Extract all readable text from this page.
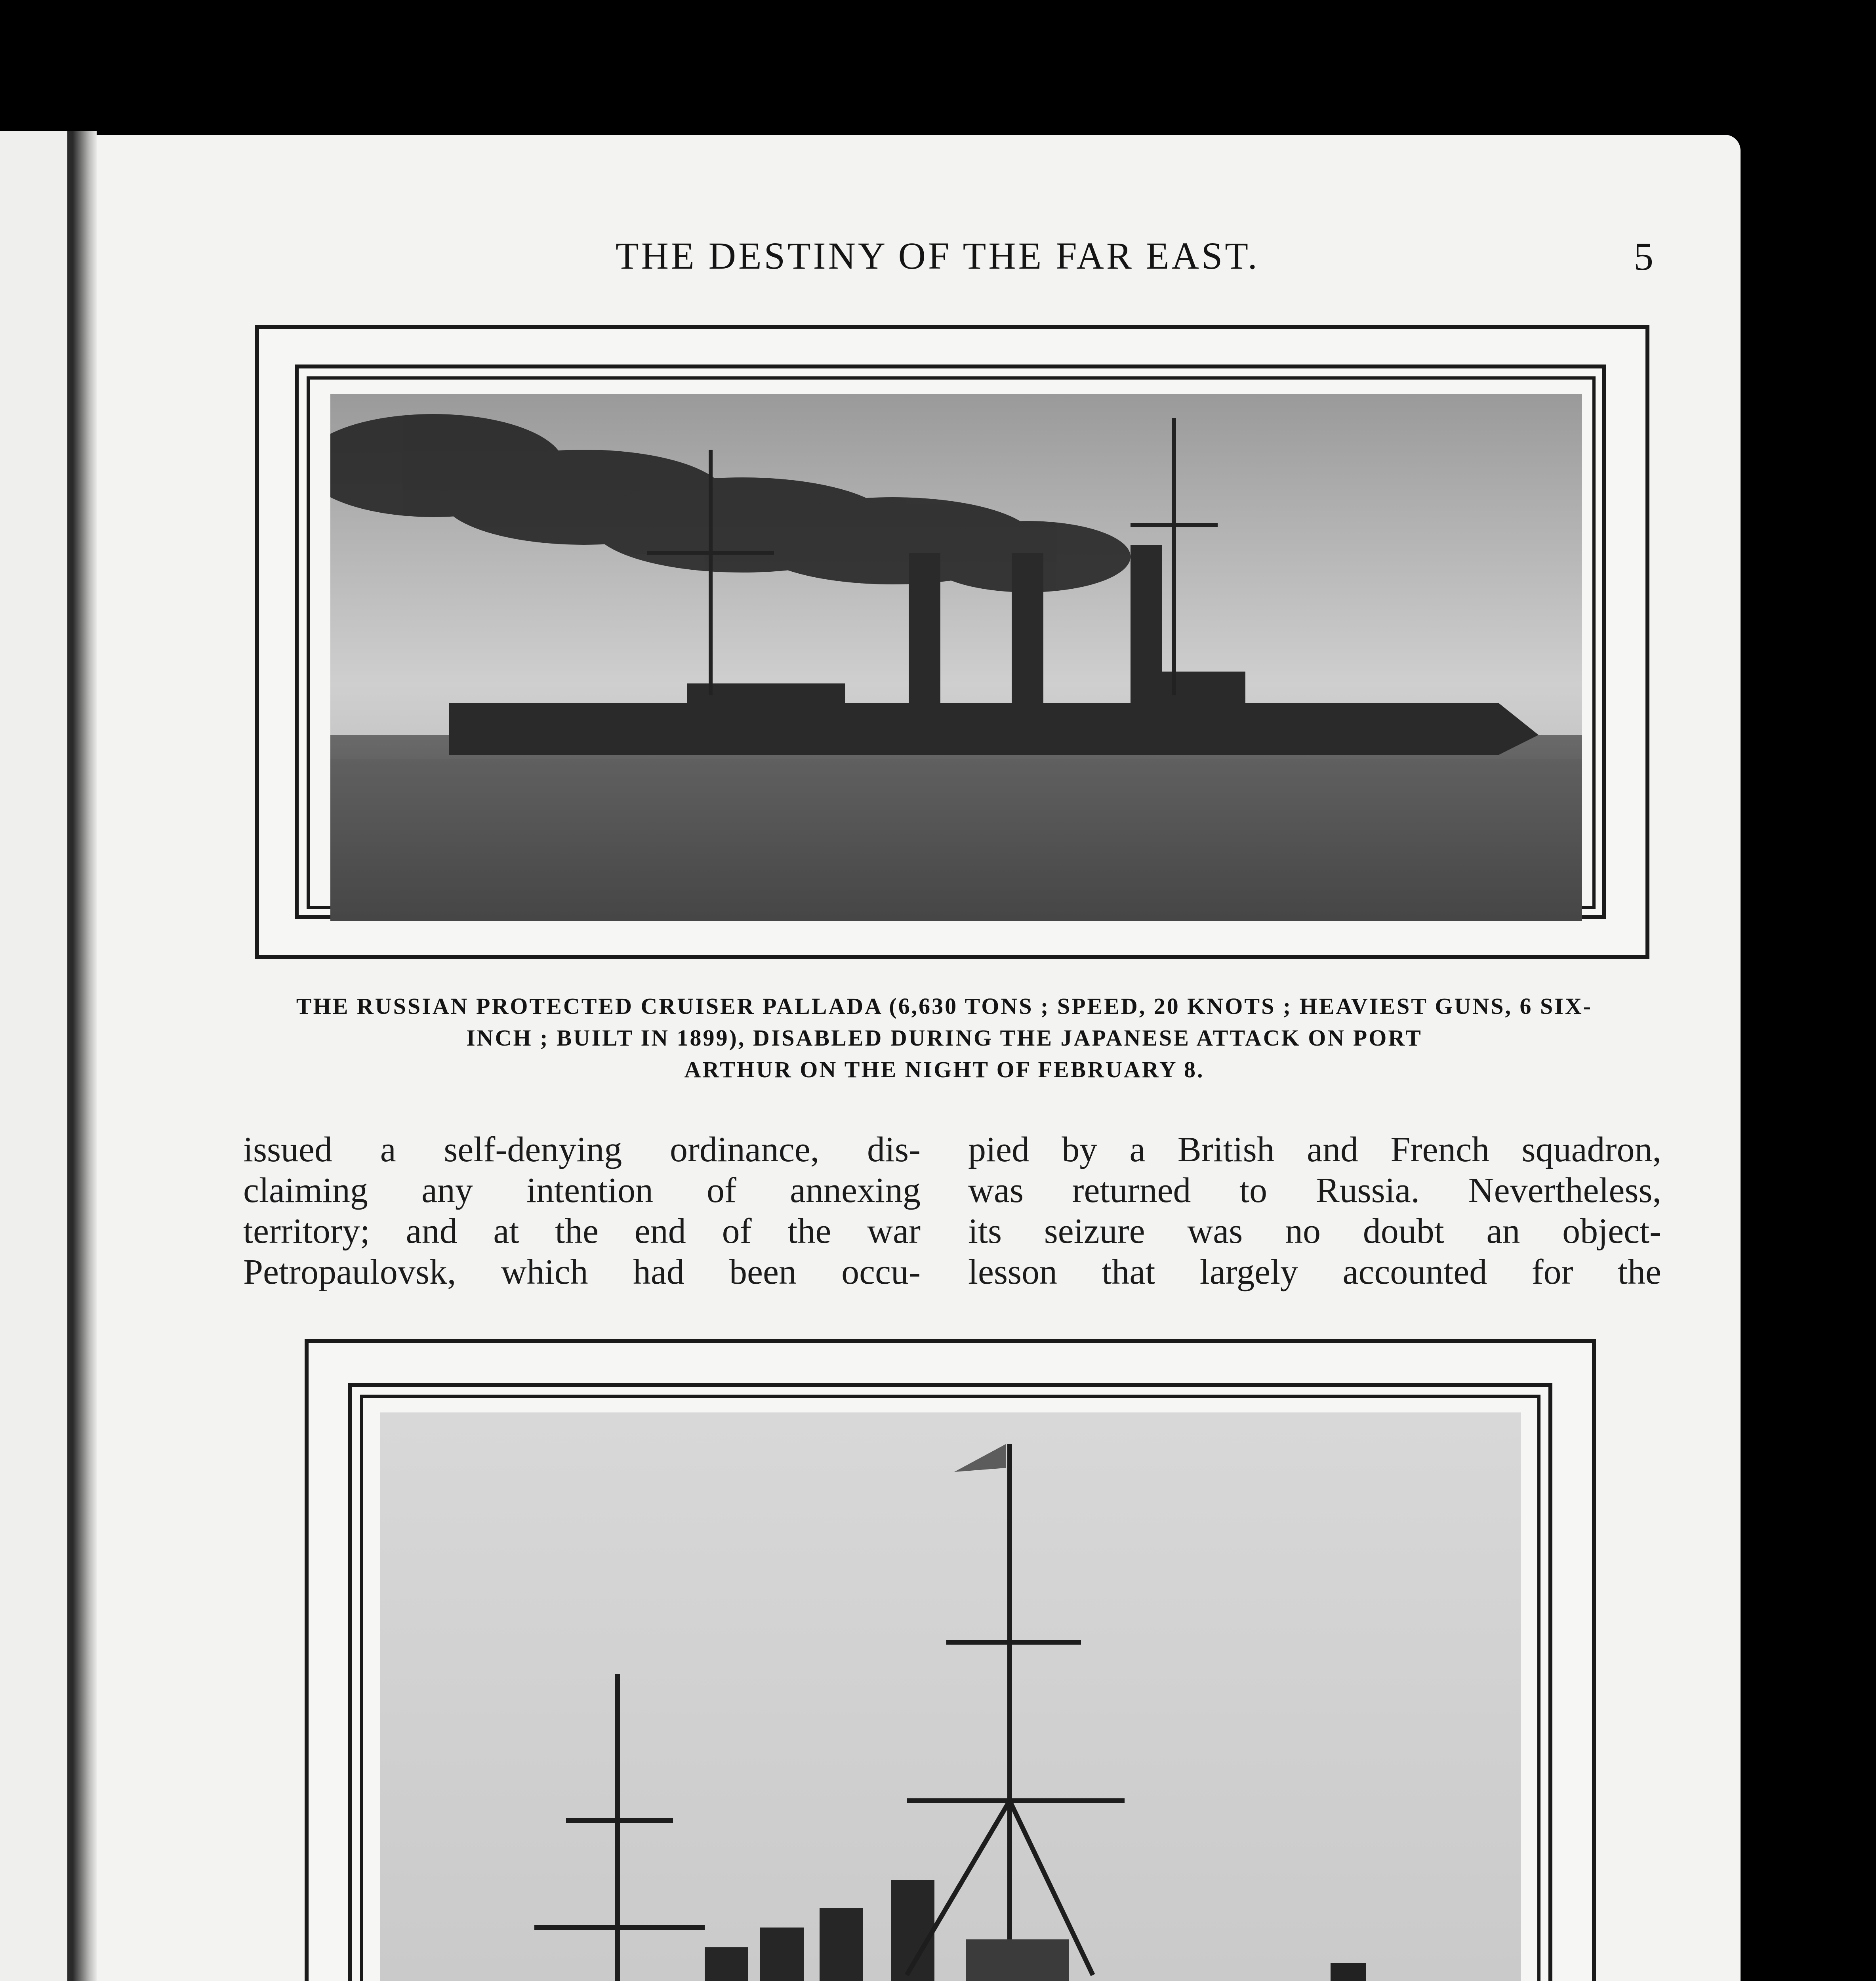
THE DESTINY OF THE FAR EAST.	5
THE RUSSIAN PROTECTED CRUISER PALLADA (6,630 TONS ; SPEED, 20 KNOTS ; HEAVIEST GUNS, 6 SIX-
INCH ; BUILT IN 1899), DISABLED DURING THE JAPANESE ATTACK ON PORT
ARTHUR ON THE NIGHT OF FEBRUARY 8.
issued a self-denying ordinance, dis-
claiming any intention of annexing
territory; and at the end of the war
Petropaulovsk, which had been occu-
pied by a British and French squadron,
was returned to Russia. Nevertheless,
its seizure was no doubt an object-
lesson that largely accounted for the
